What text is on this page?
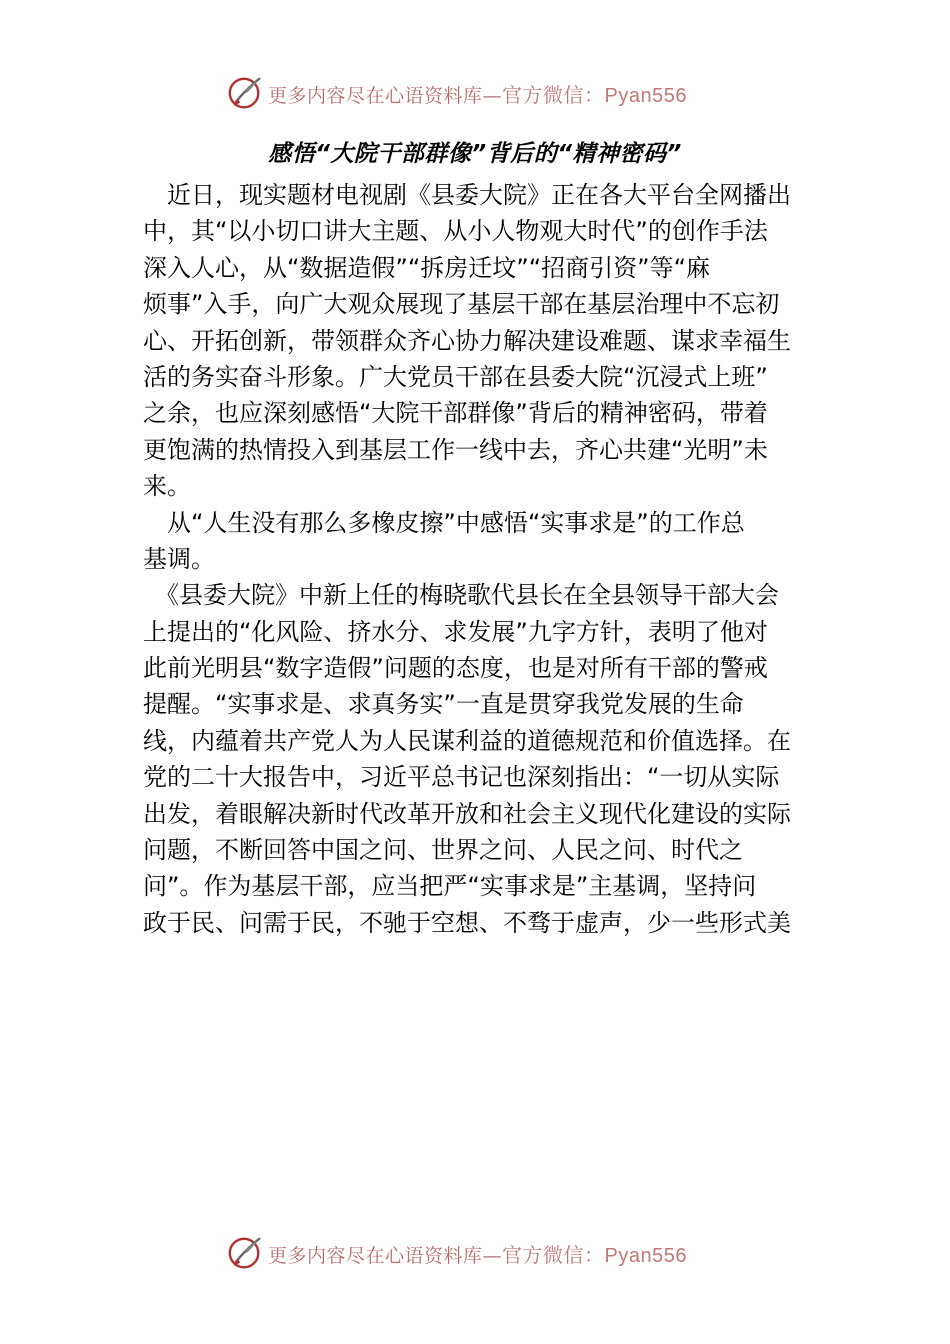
更多内容尽在心语资料库—官方微信：Pyan556
感悟“大院干部群像”背后的“精神密码”
　近日，现实题材电视剧《县委大院》正在各大平台全网播出
中，其“以小切口讲大主题、从小人物观大时代”的创作手法
深入人心，从“数据造假”“拆房迁坟”“招商引资”等“麻
烦事”入手，向广大观众展现了基层干部在基层治理中不忘初
心、开拓创新，带领群众齐心协力解决建设难题、谋求幸福生
活的务实奋斗形象。广大党员干部在县委大院“沉浸式上班”
之余，也应深刻感悟“大院干部群像”背后的精神密码，带着
更饱满的热情投入到基层工作一线中去，齐心共建“光明”未
来。
　从“人生没有那么多橡皮擦”中感悟“实事求是”的工作总
基调。
　《县委大院》中新上任的梅晓歌代县长在全县领导干部大会
上提出的“化风险、挤水分、求发展”九字方针，表明了他对
此前光明县“数字造假”问题的态度，也是对所有干部的警戒
提醒。“实事求是、求真务实”一直是贯穿我党发展的生命
线，内蕴着共产党人为人民谋利益的道德规范和价值选择。在
党的二十大报告中，习近平总书记也深刻指出：“一切从实际
出发，着眼解决新时代改革开放和社会主义现代化建设的实际
问题，不断回答中国之问、世界之问、人民之问、时代之
问”。作为基层干部，应当把严“实事求是”主基调，坚持问
政于民、问需于民，不驰于空想、不骛于虚声，少一些形式美
更多内容尽在心语资料库—官方微信：Pyan556
